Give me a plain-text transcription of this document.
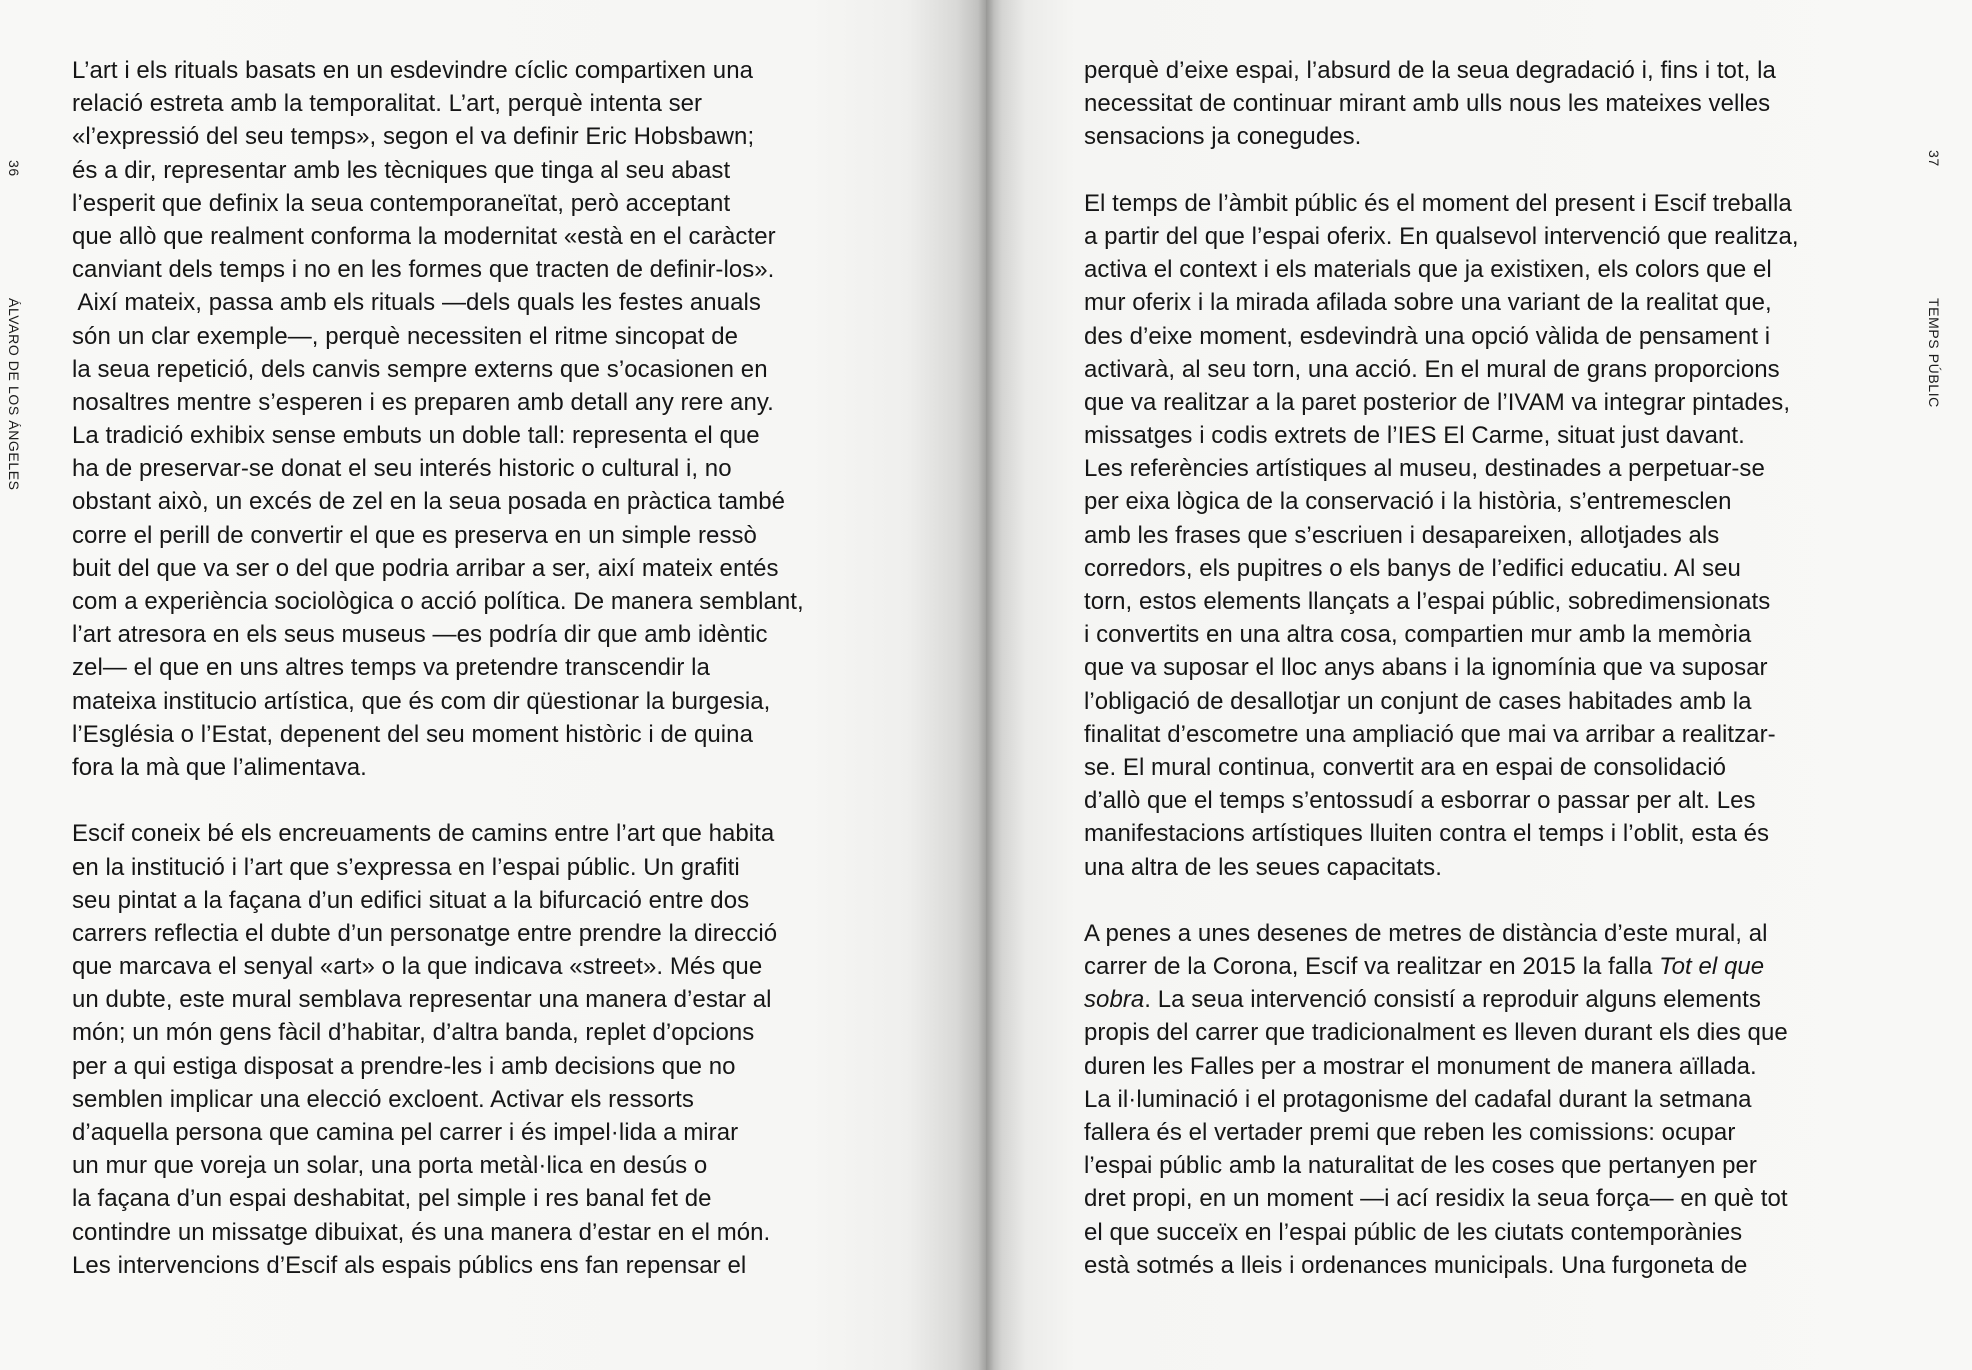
36
ÁLVARO DE LOS ÁNGELES
L’art i els rituals basats en un esdevindre cíclic compartixen una
relació estreta amb la temporalitat. L’art, perquè intenta ser
«l’expressió del seu temps», segon el va definir Eric Hobsbawn;
és a dir, representar amb les tècniques que tinga al seu abast
l’esperit que definix la seua contemporaneïtat, però acceptant
que allò que realment conforma la modernitat «està en el caràcter
canviant dels temps i no en les formes que tracten de definir-los».
Així mateix, passa amb els rituals —dels quals les festes anuals
són un clar exemple—, perquè necessiten el ritme sincopat de
la seua repetició, dels canvis sempre externs que s’ocasionen en
nosaltres mentre s’esperen i es preparen amb detall any rere any.
La tradició exhibix sense embuts un doble tall: representa el que
ha de preservar-se donat el seu interés historic o cultural i, no
obstant això, un excés de zel en la seua posada en pràctica també
corre el perill de convertir el que es preserva en un simple ressò
buit del que va ser o del que podria arribar a ser, així mateix entés
com a experiència sociològica o acció política. De manera semblant,
l’art atresora en els seus museus —es podría dir que amb idèntic
zel— el que en uns altres temps va pretendre transcendir la
mateixa institucio artística, que és com dir qüestionar la burgesia,
l’Església o l’Estat, depenent del seu moment històric i de quina
fora la mà que l’alimentava.
Escif coneix bé els encreuaments de camins entre l’art que habita
en la institució i l’art que s’expressa en l’espai públic. Un grafiti
seu pintat a la façana d’un edifici situat a la bifurcació entre dos
carrers reflectia el dubte d’un personatge entre prendre la direcció
que marcava el senyal «art» o la que indicava «street». Més que
un dubte, este mural semblava representar una manera d’estar al
món; un món gens fàcil d’habitar, d’altra banda, replet d’opcions
per a qui estiga disposat a prendre-les i amb decisions que no
semblen implicar una elecció excloent. Activar els ressorts
d’aquella persona que camina pel carrer i és impel·lida a mirar
un mur que voreja un solar, una porta metàl·lica en desús o
la façana d’un espai deshabitat, pel simple i res banal fet de
contindre un missatge dibuixat, és una manera d’estar en el món.
Les intervencions d’Escif als espais públics ens fan repensar el
37
TEMPS PÚBLIC
perquè d’eixe espai, l’absurd de la seua degradació i, fins i tot, la
necessitat de continuar mirant amb ulls nous les mateixes velles
sensacions ja conegudes.
El temps de l’àmbit públic és el moment del present i Escif treballa
a partir del que l’espai oferix. En qualsevol intervenció que realitza,
activa el context i els materials que ja existixen, els colors que el
mur oferix i la mirada afilada sobre una variant de la realitat que,
des d’eixe moment, esdevindrà una opció vàlida de pensament i
activarà, al seu torn, una acció. En el mural de grans proporcions
que va realitzar a la paret posterior de l’IVAM va integrar pintades,
missatges i codis extrets de l’IES El Carme, situat just davant.
Les referències artístiques al museu, destinades a perpetuar-se
per eixa lògica de la conservació i la història, s’entremesclen
amb les frases que s’escriuen i desapareixen, allotjades als
corredors, els pupitres o els banys de l’edifici educatiu. Al seu
torn, estos elements llançats a l’espai públic, sobredimensionats
i convertits en una altra cosa, compartien mur amb la memòria
que va suposar el lloc anys abans i la ignomínia que va suposar
l’obligació de desallotjar un conjunt de cases habitades amb la
finalitat d’escometre una ampliació que mai va arribar a realitzar-
se. El mural continua, convertit ara en espai de consolidació
d’allò que el temps s’entossudí a esborrar o passar per alt. Les
manifestacions artístiques lluiten contra el temps i l’oblit, esta és
una altra de les seues capacitats.
A penes a unes desenes de metres de distància d’este mural, al
carrer de la Corona, Escif va realitzar en 2015 la falla Tot el que
sobra. La seua intervenció consistí a reproduir alguns elements
propis del carrer que tradicionalment es lleven durant els dies que
duren les Falles per a mostrar el monument de manera aïllada.
La il·luminació i el protagonisme del cadafal durant la setmana
fallera és el vertader premi que reben les comissions: ocupar
l’espai públic amb la naturalitat de les coses que pertanyen per
dret propi, en un moment —i ací residix la seua força— en què tot
el que succeïx en l’espai públic de les ciutats contemporànies
està sotmés a lleis i ordenances municipals. Una furgoneta de
